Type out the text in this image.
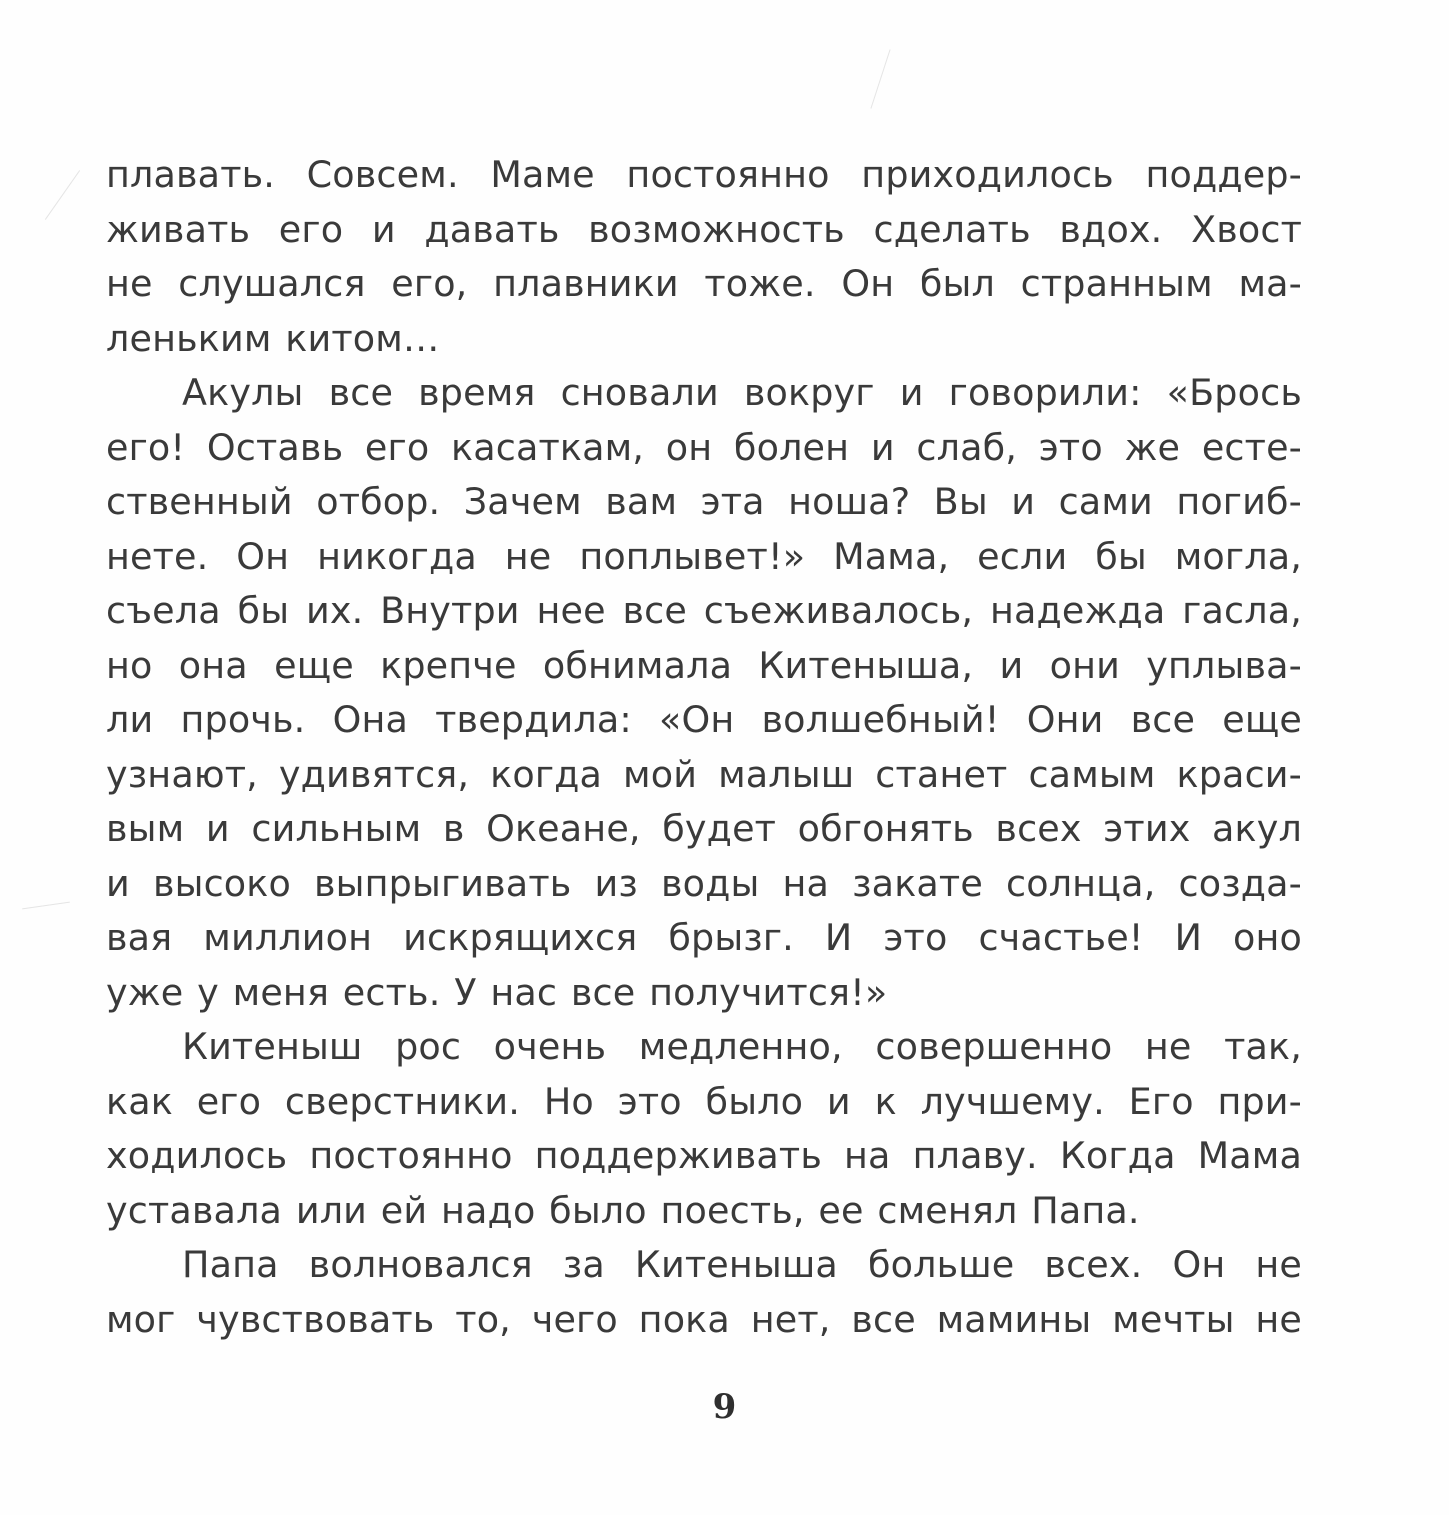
плавать. Совсем. Маме постоянно приходилось поддер-
живать его и давать возможность сделать вдох. Хвост
не слушался его, плавники тоже. Он был странным ма-
леньким китом…
Акулы все время сновали вокруг и говорили: «Брось
его! Оставь его касаткам, он болен и слаб, это же есте-
ственный отбор. Зачем вам эта ноша? Вы и сами погиб-
нете. Он никогда не поплывет!» Мама, если бы могла,
съела бы их. Внутри нее все съеживалось, надежда гасла,
но она еще крепче обнимала Китеныша, и они уплыва-
ли прочь. Она твердила: «Он волшебный! Они все еще
узнают, удивятся, когда мой малыш станет самым краси-
вым и сильным в Океане, будет обгонять всех этих акул
и высоко выпрыгивать из воды на закате солнца, созда-
вая миллион искрящихся брызг. И это счастье! И оно
уже у меня есть. У нас все получится!»
Китеныш рос очень медленно, совершенно не так,
как его сверстники. Но это было и к лучшему. Его при-
ходилось постоянно поддерживать на плаву. Когда Мама
уставала или ей надо было поесть, ее сменял Папа.
Папа волновался за Китеныша больше всех. Он не
мог чувствовать то, чего пока нет, все мамины мечты не
9
